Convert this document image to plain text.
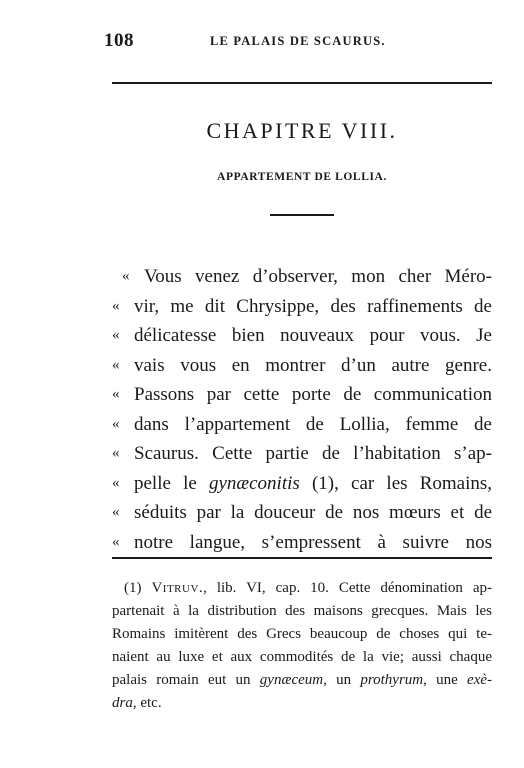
108	LE PALAIS DE SCAURUS.
CHAPITRE VIII.
APPARTEMENT DE LOLLIA.
« Vous venez d’observer, mon cher Méro-
« vir, me dit Chrysippe, des raffinements de
« délicatesse bien nouveaux pour vous. Je
« vais vous en montrer d’un autre genre.
« Passons par cette porte de communication
« dans l’appartement de Lollia, femme de
« Scaurus. Cette partie de l’habitation s’ap-
« pelle le gynæconitis (1), car les Romains,
« séduits par la douceur de nos mœurs et de
« notre langue, s’empressent à suivre nos
(1) Vitruv., lib. VI, cap. 10. Cette dénomination ap-
partenait à la distribution des maisons grecques. Mais les
Romains imitèrent des Grecs beaucoup de choses qui te-
naient au luxe et aux commodités de la vie; aussi chaque
palais romain eut un gynæceum, un prothyrum, une exè-
dra, etc.
